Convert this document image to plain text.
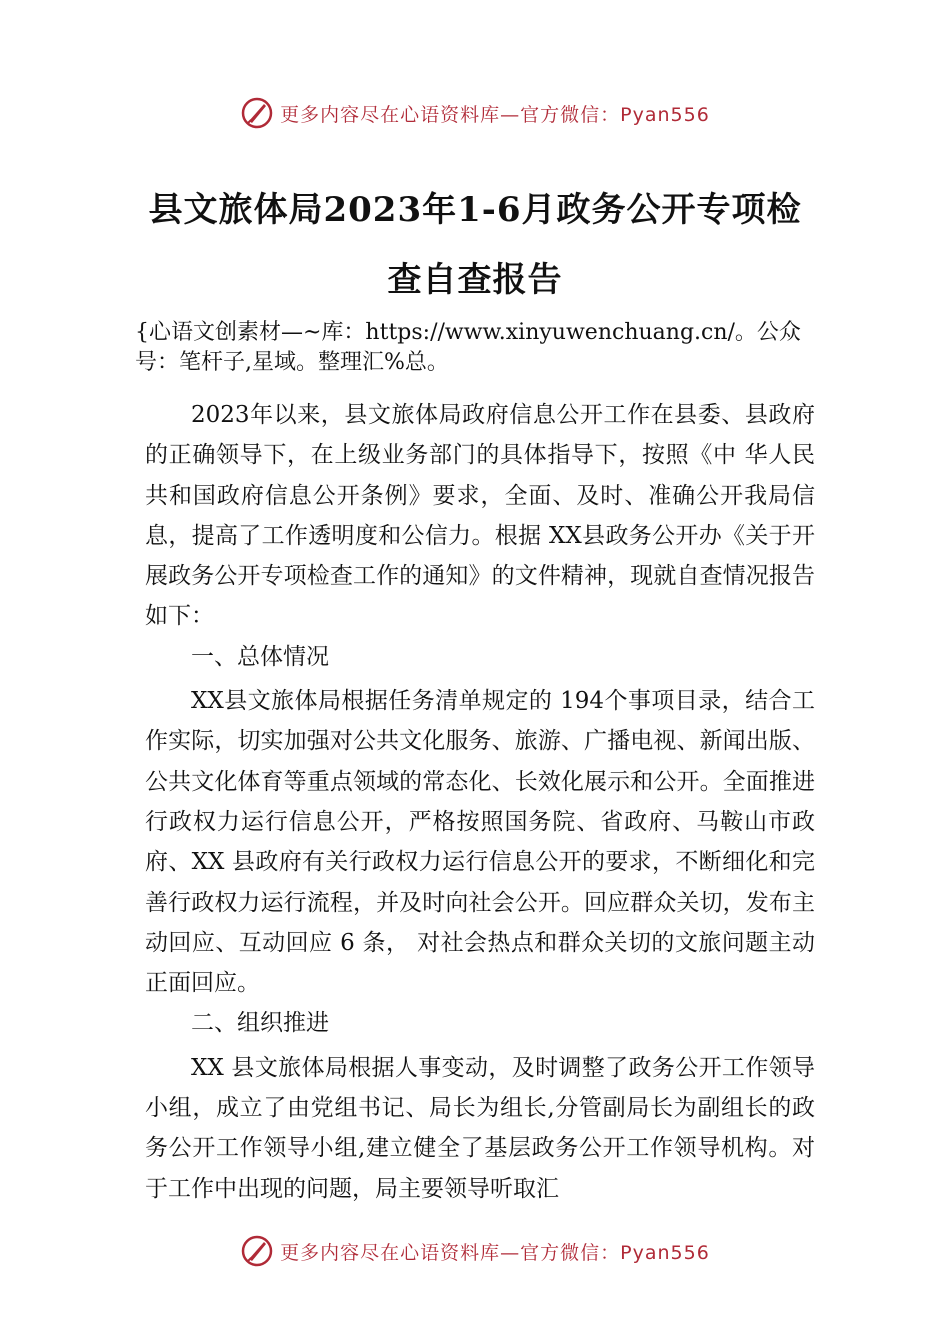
更多内容尽在心语资料库—官方微信：Pyan556
县文旅体局2023年1-6月政务公开专项检
查自查报告
{心语文创素材—~库：https://www.xinyuwenchuang.cn/。公众号：笔杆子,星域。整理汇%总。

2023年以来，县文旅体局政府信息公开工作在县委、县政府的正确领导下，在上级业务部门的具体指导下，按照《中 华人民共和国政府信息公开条例》要求，全面、及时、准确公开我局信息，提高了工作透明度和公信力。根据 XX县政务公开办《关于开展政务公开专项检查工作的通知》的文件精神，现就自查情况报告如下：

一、总体情况

XX县文旅体局根据任务清单规定的 194个事项目录，结合工作实际，切实加强对公共文化服务、旅游、广播电视、新闻出版、公共文化体育等重点领域的常态化、长效化展示和公开。全面推进行政权力运行信息公开，严格按照国务院、省政府、马鞍山市政府、XX 县政府有关行政权力运行信息公开的要求，不断细化和完善行政权力运行流程，并及时向社会公开。回应群众关切，发布主动回应、互动回应 6 条， 对社会热点和群众关切的文旅问题主动正面回应。

二、组织推进

XX 县文旅体局根据人事变动，及时调整了政务公开工作领导小组，成立了由党组书记、局长为组长,分管副局长为副组长的政务公开工作领导小组,建立健全了基层政务公开工作领导机构。对于工作中出现的问题，局主要领导听取汇

更多内容尽在心语资料库—官方微信：Pyan556
